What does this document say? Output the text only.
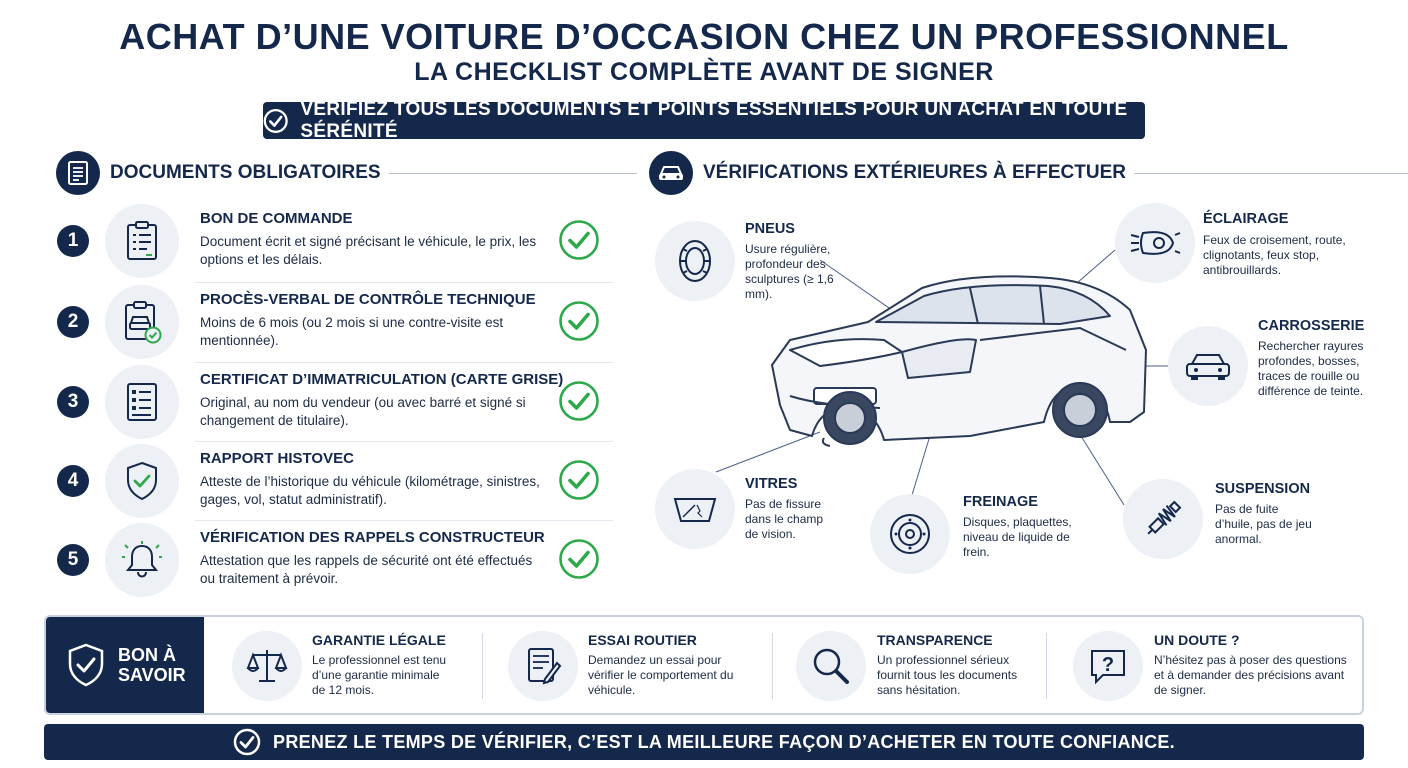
ACHAT D’UNE VOITURE D’OCCASION CHEZ UN PROFESSIONNEL
LA CHECKLIST COMPLÈTE AVANT DE SIGNER
VÉRIFIEZ TOUS LES DOCUMENTS ET POINTS ESSENTIELS POUR UN ACHAT EN TOUTE SÉRÉNITÉ
DOCUMENTS OBLIGATOIRES
1
BON DE COMMANDE
Document écrit et signé précisant le véhicule, le prix, les options et les délais.
2
PROCÈS-VERBAL DE CONTRÔLE TECHNIQUE
Moins de 6 mois (ou 2 mois si une contre-visite est mentionnée).
3
CERTIFICAT D’IMMATRICULATION (CARTE GRISE)
Original, au nom du vendeur (ou avec barré et signé si changement de titulaire).
4
RAPPORT HISTOVEC
Atteste de l’historique du véhicule (kilométrage, sinistres, gages, vol, statut administratif).
5
VÉRIFICATION DES RAPPELS CONSTRUCTEUR
Attestation que les rappels de sécurité ont été effectués ou traitement à prévoir.
VÉRIFICATIONS EXTÉRIEURES À EFFECTUER
PNEUS
Usure régulière, profondeur des sculptures (≥ 1,6 mm).
ÉCLAIRAGE
Feux de croisement, route, clignotants, feux stop, antibrouillards.
CARROSSERIE
Rechercher rayures profondes, bosses, traces de rouille ou différence de teinte.
VITRES
Pas de fissure dans le champ de vision.
FREINAGE
Disques, plaquettes, niveau de liquide de frein.
SUSPENSION
Pas de fuite d’huile, pas de jeu anormal.
BON À SAVOIR
GARANTIE LÉGALE
Le professionnel est tenu d’une garantie minimale de 12 mois.
ESSAI ROUTIER
Demandez un essai pour vérifier le comportement du véhicule.
TRANSPARENCE
Un professionnel sérieux fournit tous les documents sans hésitation.
?
UN DOUTE ?
N’hésitez pas à poser des questions et à demander des précisions avant de signer.
PRENEZ LE TEMPS DE VÉRIFIER, C’EST LA MEILLEURE FAÇON D’ACHETER EN TOUTE CONFIANCE.
